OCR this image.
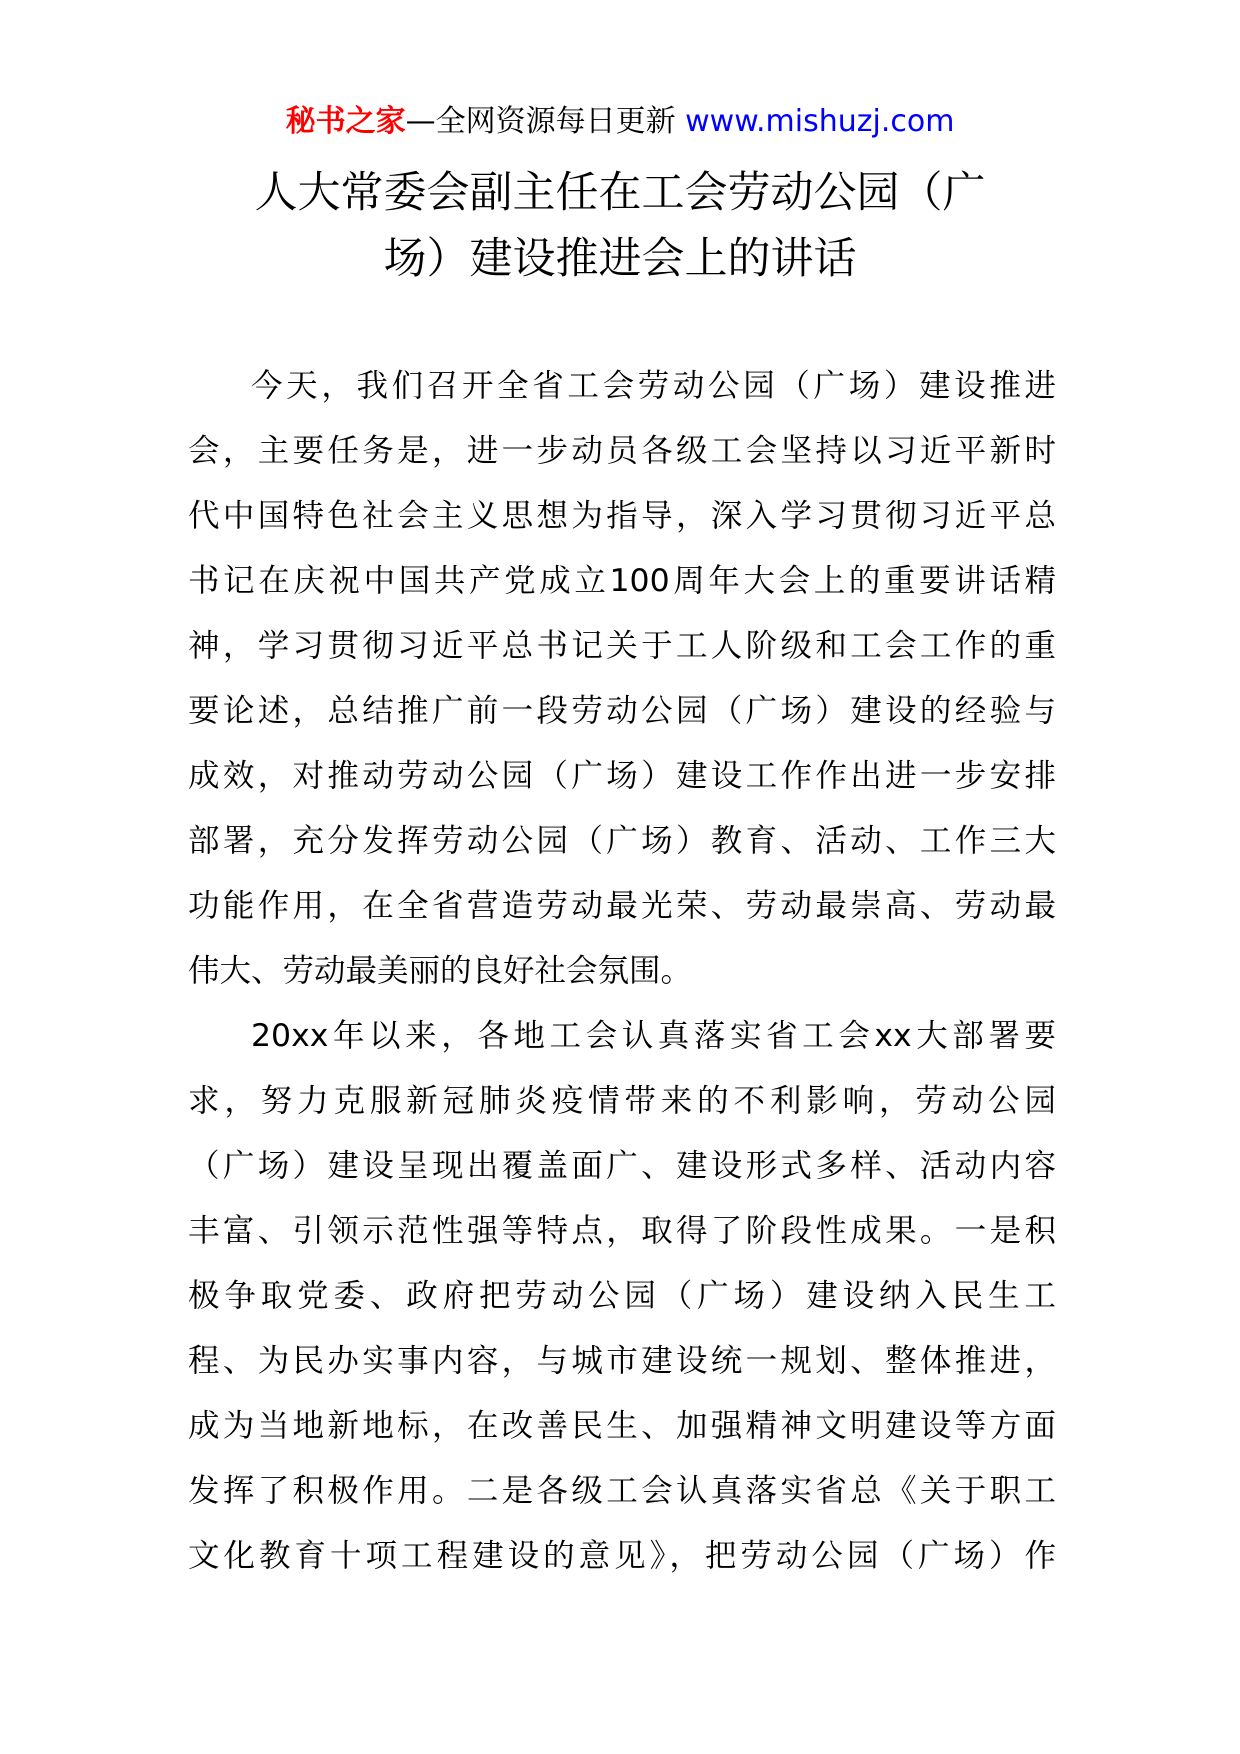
秘书之家—全网资源每日更新 www.mishuzj.com
人大常委会副主任在工会劳动公园（广
场）建设推进会上的讲话
今天，我们召开全省工会劳动公园（广场）建设推进
会，主要任务是，进一步动员各级工会坚持以习近平新时
代中国特色社会主义思想为指导，深入学习贯彻习近平总
书记在庆祝中国共产党成立100周年大会上的重要讲话精
神，学习贯彻习近平总书记关于工人阶级和工会工作的重
要论述，总结推广前一段劳动公园（广场）建设的经验与
成效，对推动劳动公园（广场）建设工作作出进一步安排
部署，充分发挥劳动公园（广场）教育、活动、工作三大
功能作用，在全省营造劳动最光荣、劳动最崇高、劳动最
伟大、劳动最美丽的良好社会氛围。
20xx年以来，各地工会认真落实省工会xx大部署要
求，努力克服新冠肺炎疫情带来的不利影响，劳动公园
（广场）建设呈现出覆盖面广、建设形式多样、活动内容
丰富、引领示范性强等特点，取得了阶段性成果。一是积
极争取党委、政府把劳动公园（广场）建设纳入民生工
程、为民办实事内容，与城市建设统一规划、整体推进，
成为当地新地标，在改善民生、加强精神文明建设等方面
发挥了积极作用。二是各级工会认真落实省总《关于职工
文化教育十项工程建设的意见》，把劳动公园（广场）作
